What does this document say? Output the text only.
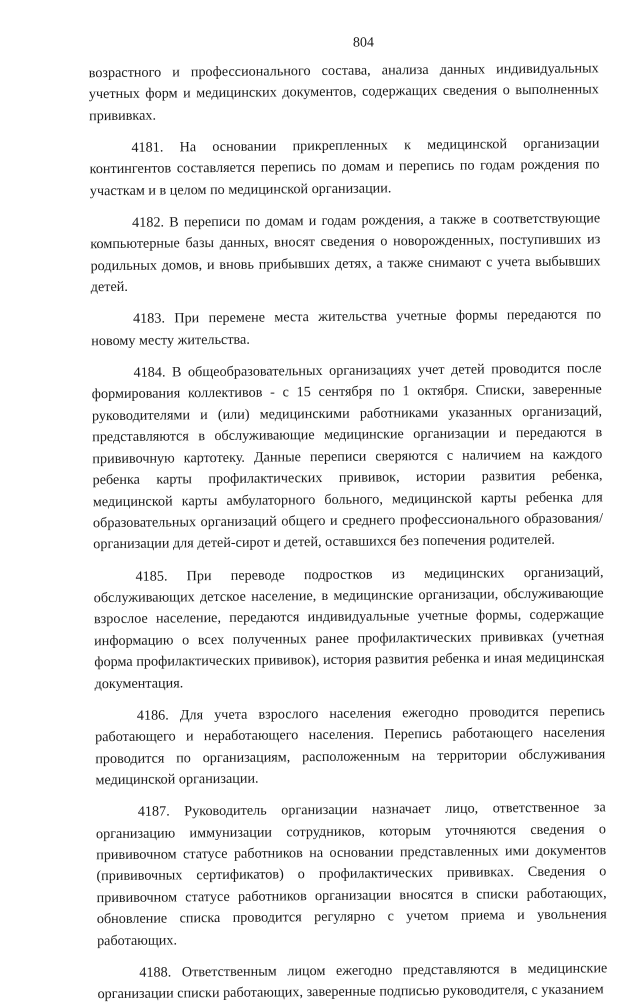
804

возрастного и профессионального состава, анализа данных индивидуальных учетных форм и медицинских документов, содержащих сведения о выполненных прививках.

4181. На основании прикрепленных к медицинской организации контингентов составляется перепись по домам и перепись по годам рождения по участкам и в целом по медицинской организации.

4182. В переписи по домам и годам рождения, а также в соответствующие компьютерные базы данных, вносят сведения о новорожденных, поступивших из родильных домов, и вновь прибывших детях, а также снимают с учета выбывших детей.

4183. При перемене места жительства учетные формы передаются по новому месту жительства.

4184. В общеобразовательных организациях учет детей проводится после формирования коллективов - с 15 сентября по 1 октября. Списки, заверенные руководителями и (или) медицинскими работниками указанных организаций, представляются в обслуживающие медицинские организации и передаются в прививочную картотеку. Данные переписи сверяются с наличием на каждого ребенка карты профилактических прививок, истории развития ребенка, медицинской карты амбулаторного больного, медицинской карты ребенка для образовательных организаций общего и среднего профессионального образования/ организации для детей-сирот и детей, оставшихся без попечения родителей.

4185. При переводе подростков из медицинских организаций, обслуживающих детское население, в медицинские организации, обслуживающие взрослое население, передаются индивидуальные учетные формы, содержащие информацию о всех полученных ранее профилактических прививках (учетная форма профилактических прививок), история развития ребенка и иная медицинская документация.

4186. Для учета взрослого населения ежегодно проводится перепись работающего и неработающего населения. Перепись работающего населения проводится по организациям, расположенным на территории обслуживания медицинской организации.

4187. Руководитель организации назначает лицо, ответственное за организацию иммунизации сотрудников, которым уточняются сведения о прививочном статусе работников на основании представленных ими документов (прививочных сертификатов) о профилактических прививках. Сведения о прививочном статусе работников организации вносятся в списки работающих, обновление списка проводится регулярно с учетом приема и увольнения работающих.

4188. Ответственным лицом ежегодно представляются в медицинские организации списки работающих, заверенные подписью руководителя, с указанием
